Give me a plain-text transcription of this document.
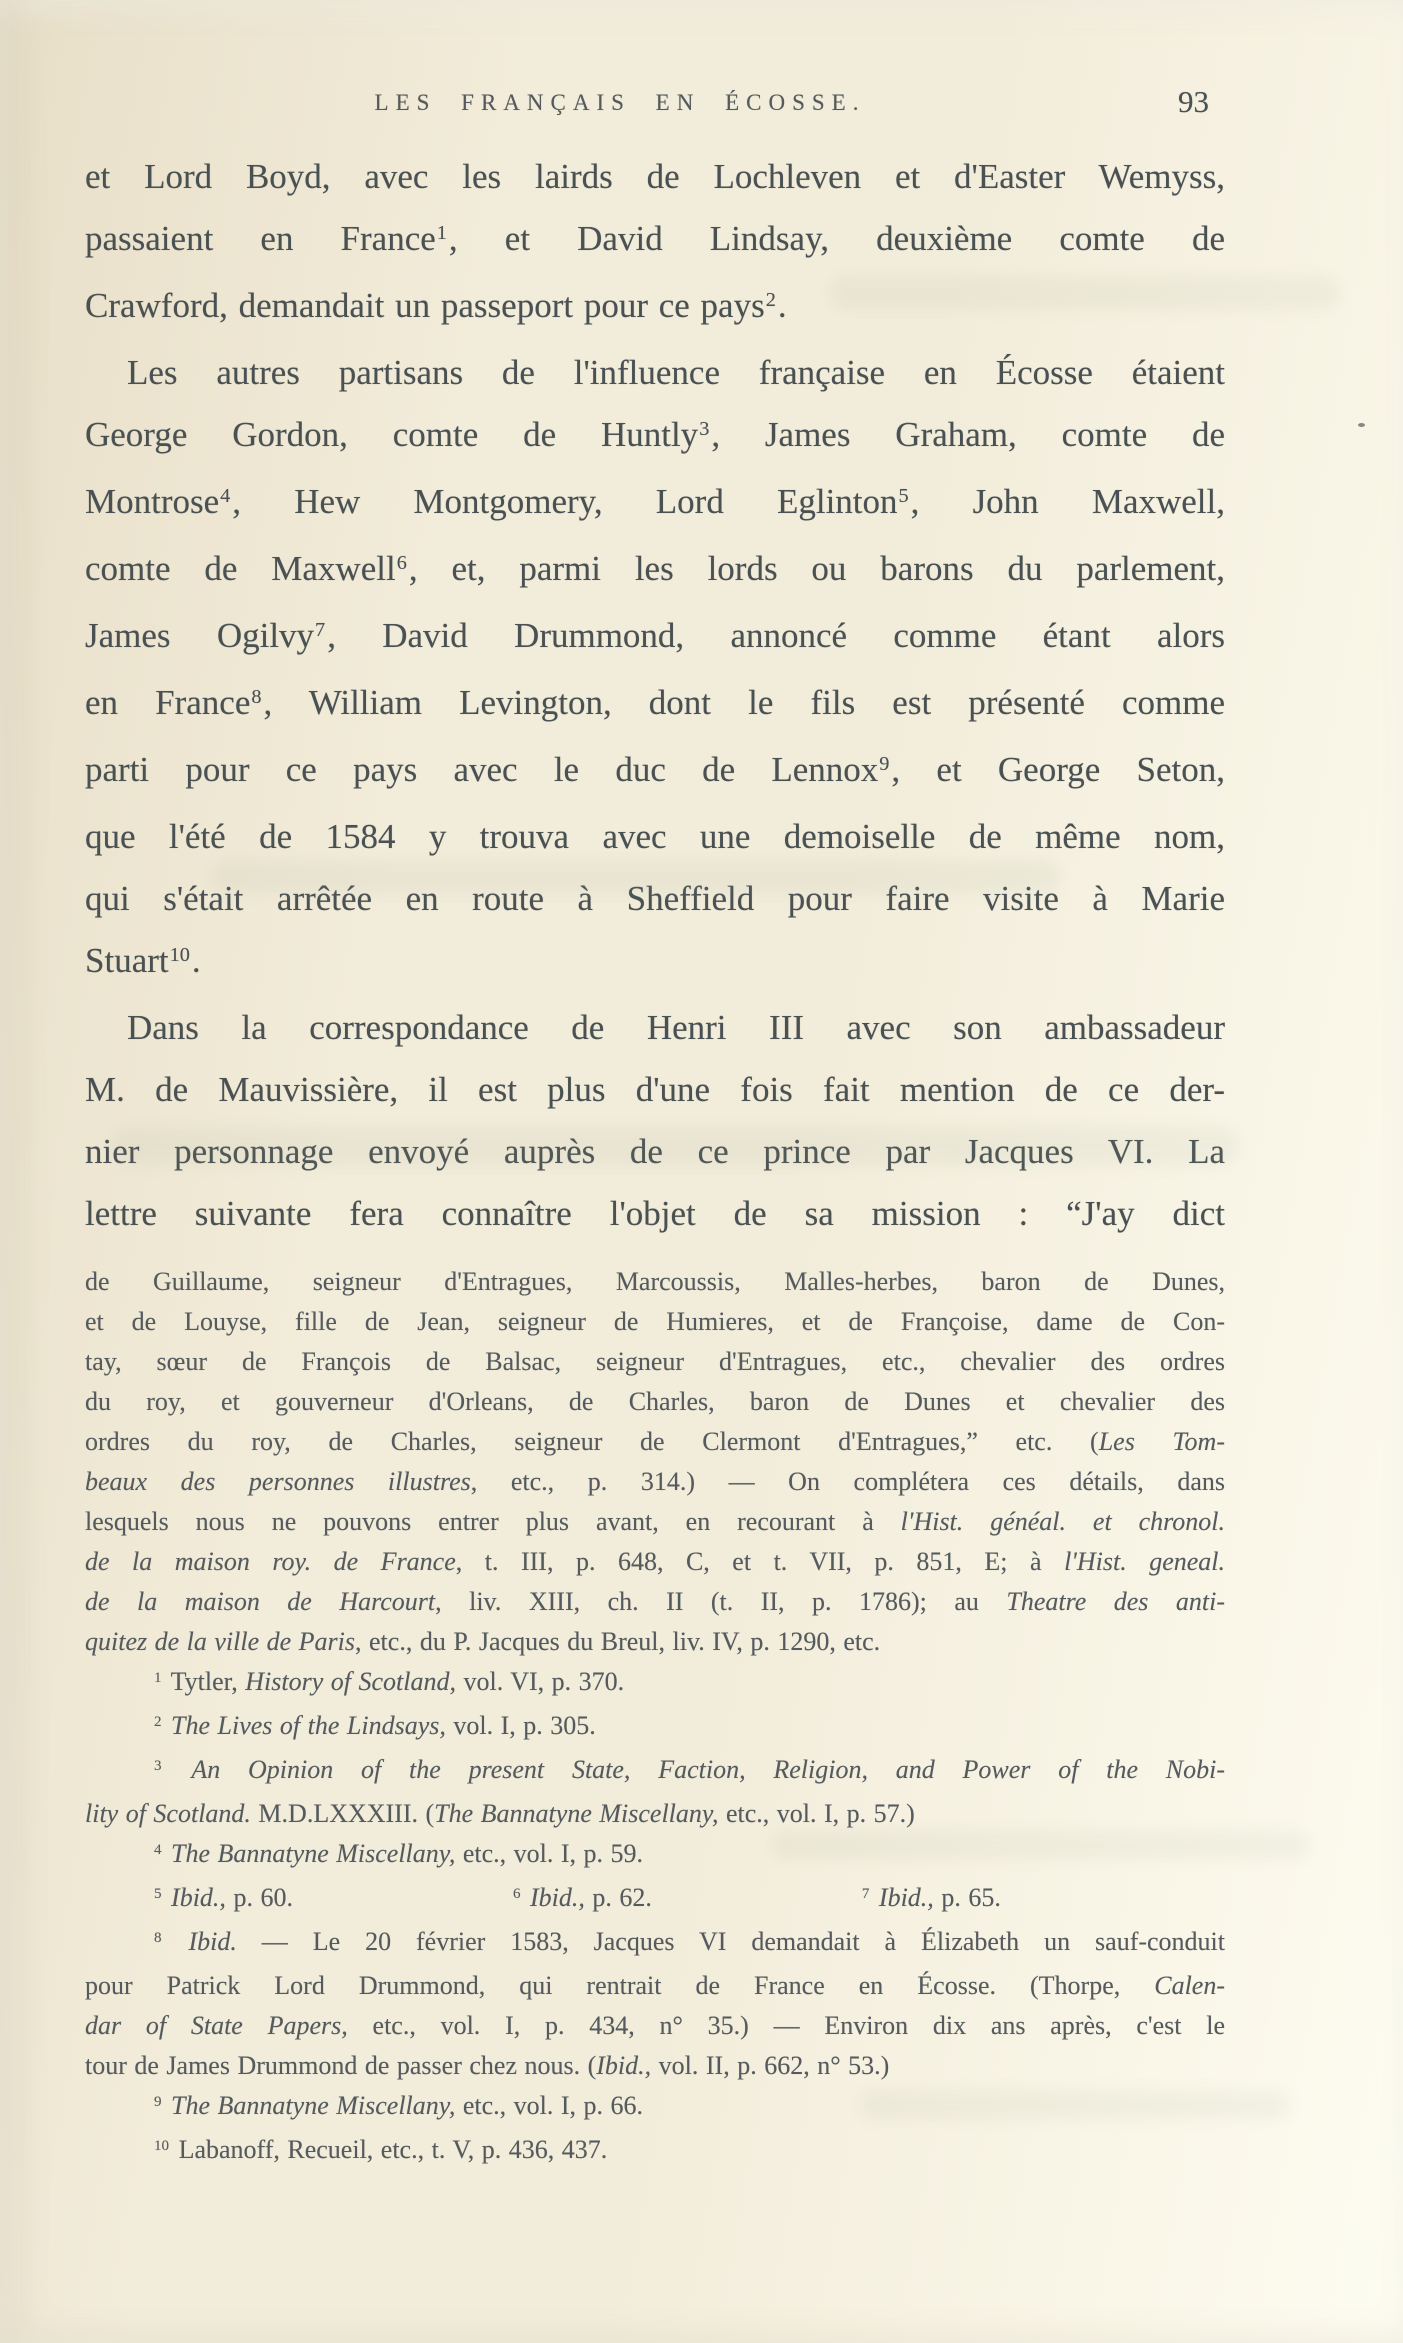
LES FRANÇAIS EN ÉCOSSE.	93
et Lord Boyd, avec les lairds de Lochleven et d'Easter Wemyss,
passaient en France1, et David Lindsay, deuxième comte de
Crawford, demandait un passeport pour ce pays2.
Les autres partisans de l'influence française en Écosse étaient
George Gordon, comte de Huntly3, James Graham, comte de
Montrose4, Hew Montgomery, Lord Eglinton5, John Maxwell,
comte de Maxwell6, et, parmi les lords ou barons du parlement,
James Ogilvy7, David Drummond, annoncé comme étant alors
en France8, William Levington, dont le fils est présenté comme
parti pour ce pays avec le duc de Lennox9, et George Seton,
que l'été de 1584 y trouva avec une demoiselle de même nom,
qui s'était arrêtée en route à Sheffield pour faire visite à Marie
Stuart10.
Dans la correspondance de Henri III avec son ambassadeur
M. de Mauvissière, il est plus d'une fois fait mention de ce der-
nier personnage envoyé auprès de ce prince par Jacques VI. La
lettre suivante fera connaître l'objet de sa mission : “J'ay dict
de Guillaume, seigneur d'Entragues, Marcoussis, Malles-herbes, baron de Dunes,
et de Louyse, fille de Jean, seigneur de Humieres, et de Françoise, dame de Con-
tay, sœur de François de Balsac, seigneur d'Entragues, etc., chevalier des ordres
du roy, et gouverneur d'Orleans, de Charles, baron de Dunes et chevalier des
ordres du roy, de Charles, seigneur de Clermont d'Entragues,” etc. (Les Tom-
beaux des personnes illustres, etc., p. 314.) — On complétera ces détails, dans
lesquels nous ne pouvons entrer plus avant, en recourant à l'Hist. généal. et chronol.
de la maison roy. de France, t. III, p. 648, C, et t. VII, p. 851, E; à l'Hist. geneal.
de la maison de Harcourt, liv. XIII, ch. II (t. II, p. 1786); au Theatre des anti-
quitez de la ville de Paris, etc., du P. Jacques du Breul, liv. IV, p. 1290, etc.
1 Tytler, History of Scotland, vol. VI, p. 370.
2 The Lives of the Lindsays, vol. I, p. 305.
3 An Opinion of the present State, Faction, Religion, and Power of the Nobi-
lity of Scotland. M.D.LXXXIII. (The Bannatyne Miscellany, etc., vol. I, p. 57.)
4 The Bannatyne Miscellany, etc., vol. I, p. 59.
5 Ibid., p. 60.	6 Ibid., p. 62.	7 Ibid., p. 65.
8 Ibid. — Le 20 février 1583, Jacques VI demandait à Élizabeth un sauf-conduit
pour Patrick Lord Drummond, qui rentrait de France en Écosse. (Thorpe, Calen-
dar of State Papers, etc., vol. I, p. 434, n° 35.) — Environ dix ans après, c'est le
tour de James Drummond de passer chez nous. (Ibid., vol. II, p. 662, n° 53.)
9 The Bannatyne Miscellany, etc., vol. I, p. 66.
10 Labanoff, Recueil, etc., t. V, p. 436, 437.
